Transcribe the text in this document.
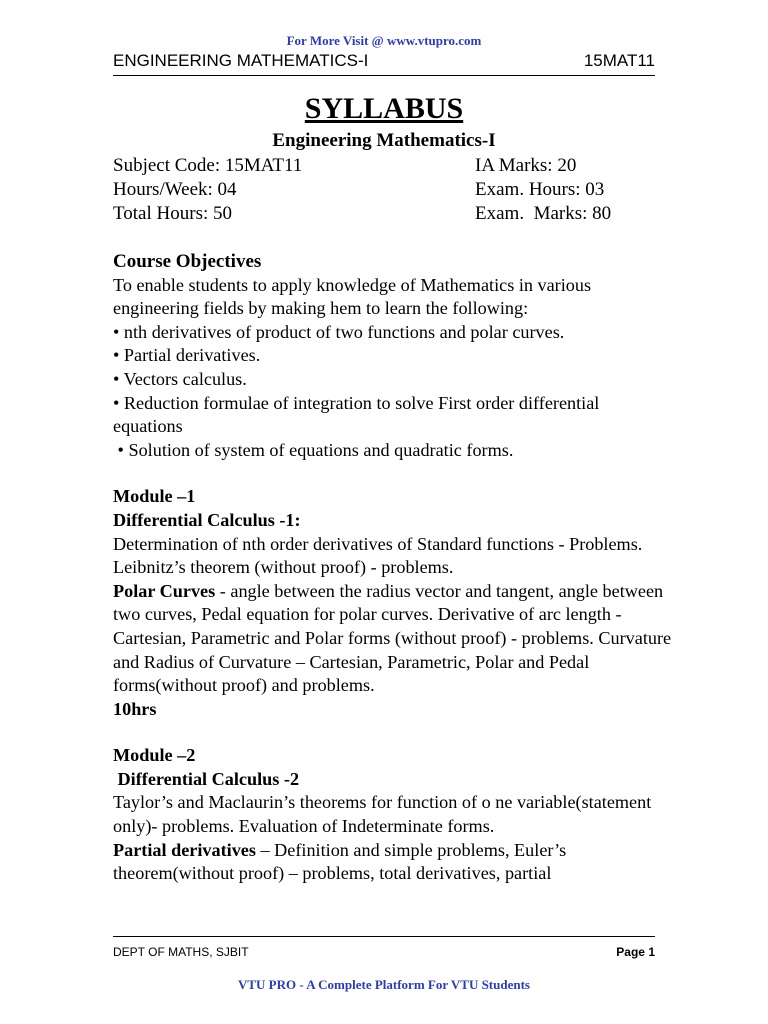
For More Visit @ www.vtupro.com
ENGINEERING MATHEMATICS-I	15MAT11
SYLLABUS
Engineering Mathematics-I
Subject Code: 15MAT11	IA Marks: 20
Hours/Week: 04	Exam. Hours: 03
Total Hours: 50	Exam.  Marks: 80
Course Objectives
To enable students to apply knowledge of Mathematics in various engineering fields by making hem to learn the following:
• nth derivatives of product of two functions and polar curves.
• Partial derivatives.
• Vectors calculus.
• Reduction formulae of integration to solve First order differential equations
• Solution of system of equations and quadratic forms.
Module –1
Differential Calculus -1:
Determination of nth order derivatives of Standard functions - Problems. Leibnitz’s theorem (without proof) - problems.
Polar Curves - angle between the radius vector and tangent, angle between two curves, Pedal equation for polar curves. Derivative of arc length - Cartesian, Parametric and Polar forms (without proof) - problems. Curvature and Radius of Curvature – Cartesian, Parametric, Polar and Pedal forms(without proof) and problems.
10hrs
Module –2
Differential Calculus -2
Taylor’s and Maclaurin’s theorems for function of o ne variable(statement only)- problems. Evaluation of Indeterminate forms.
Partial derivatives – Definition and simple problems, Euler’s theorem(without proof) – problems, total derivatives, partial
DEPT OF MATHS, SJBIT	Page 1
VTU PRO - A Complete Platform For VTU Students
